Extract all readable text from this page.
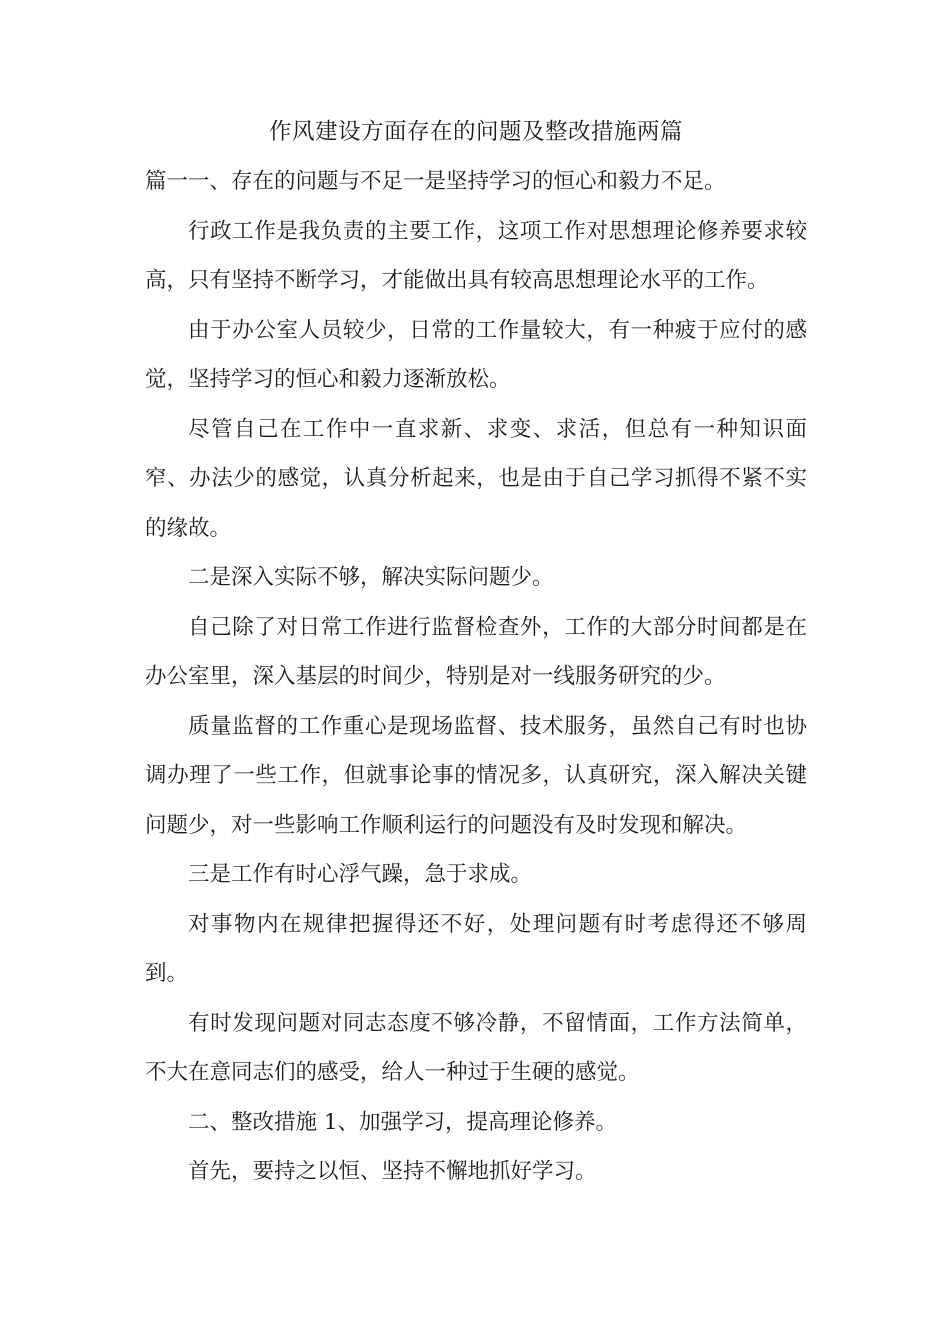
作风建设方面存在的问题及整改措施两篇

篇一一、存在的问题与不足一是坚持学习的恒心和毅力不足。

行政工作是我负责的主要工作，这项工作对思想理论修养要求较高，只有坚持不断学习，才能做出具有较高思想理论水平的工作。

由于办公室人员较少，日常的工作量较大，有一种疲于应付的感觉，坚持学习的恒心和毅力逐渐放松。

尽管自己在工作中一直求新、求变、求活，但总有一种知识面窄、办法少的感觉，认真分析起来，也是由于自己学习抓得不紧不实的缘故。

二是深入实际不够，解决实际问题少。

自己除了对日常工作进行监督检查外，工作的大部分时间都是在办公室里，深入基层的时间少，特别是对一线服务研究的少。

质量监督的工作重心是现场监督、技术服务，虽然自己有时也协调办理了一些工作，但就事论事的情况多，认真研究，深入解决关键问题少，对一些影响工作顺利运行的问题没有及时发现和解决。

三是工作有时心浮气躁，急于求成。

对事物内在规律把握得还不好，处理问题有时考虑得还不够周到。

有时发现问题对同志态度不够冷静，不留情面，工作方法简单，不大在意同志们的感受，给人一种过于生硬的感觉。

二、整改措施 1、加强学习，提高理论修养。

首先，要持之以恒、坚持不懈地抓好学习。
